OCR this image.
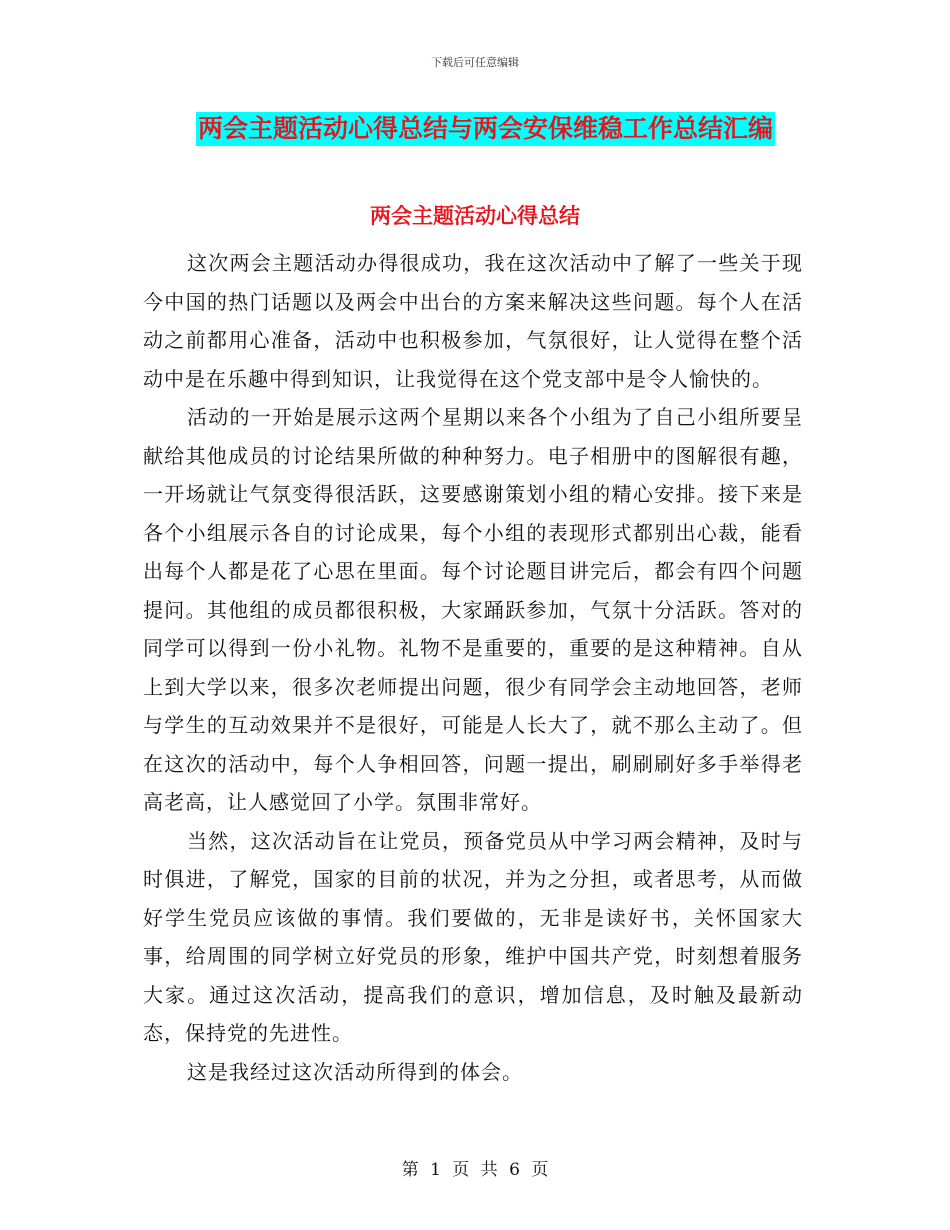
下载后可任意编辑
两会主题活动心得总结与两会安保维稳工作总结汇编
两会主题活动心得总结

这次两会主题活动办得很成功，我在这次活动中了解了一些关于现今中国的热门话题以及两会中出台的方案来解决这些问题。每个人在活动之前都用心准备，活动中也积极参加，气氛很好，让人觉得在整个活动中是在乐趣中得到知识，让我觉得在这个党支部中是令人愉快的。

活动的一开始是展示这两个星期以来各个小组为了自己小组所要呈献给其他成员的讨论结果所做的种种努力。电子相册中的图解很有趣，一开场就让气氛变得很活跃，这要感谢策划小组的精心安排。接下来是各个小组展示各自的讨论成果，每个小组的表现形式都别出心裁，能看出每个人都是花了心思在里面。每个讨论题目讲完后，都会有四个问题提问。其他组的成员都很积极，大家踊跃参加，气氛十分活跃。答对的同学可以得到一份小礼物。礼物不是重要的，重要的是这种精神。自从上到大学以来，很多次老师提出问题，很少有同学会主动地回答，老师与学生的互动效果并不是很好，可能是人长大了，就不那么主动了。但在这次的活动中，每个人争相回答，问题一提出，刷刷刷好多手举得老高老高，让人感觉回了小学。氛围非常好。

当然，这次活动旨在让党员，预备党员从中学习两会精神，及时与时俱进，了解党，国家的目前的状况，并为之分担，或者思考，从而做好学生党员应该做的事情。我们要做的，无非是读好书，关怀国家大事，给周围的同学树立好党员的形象，维护中国共产党，时刻想着服务大家。通过这次活动，提高我们的意识，增加信息，及时触及最新动态，保持党的先进性。

这是我经过这次活动所得到的体会。

第 1 页 共 6 页
